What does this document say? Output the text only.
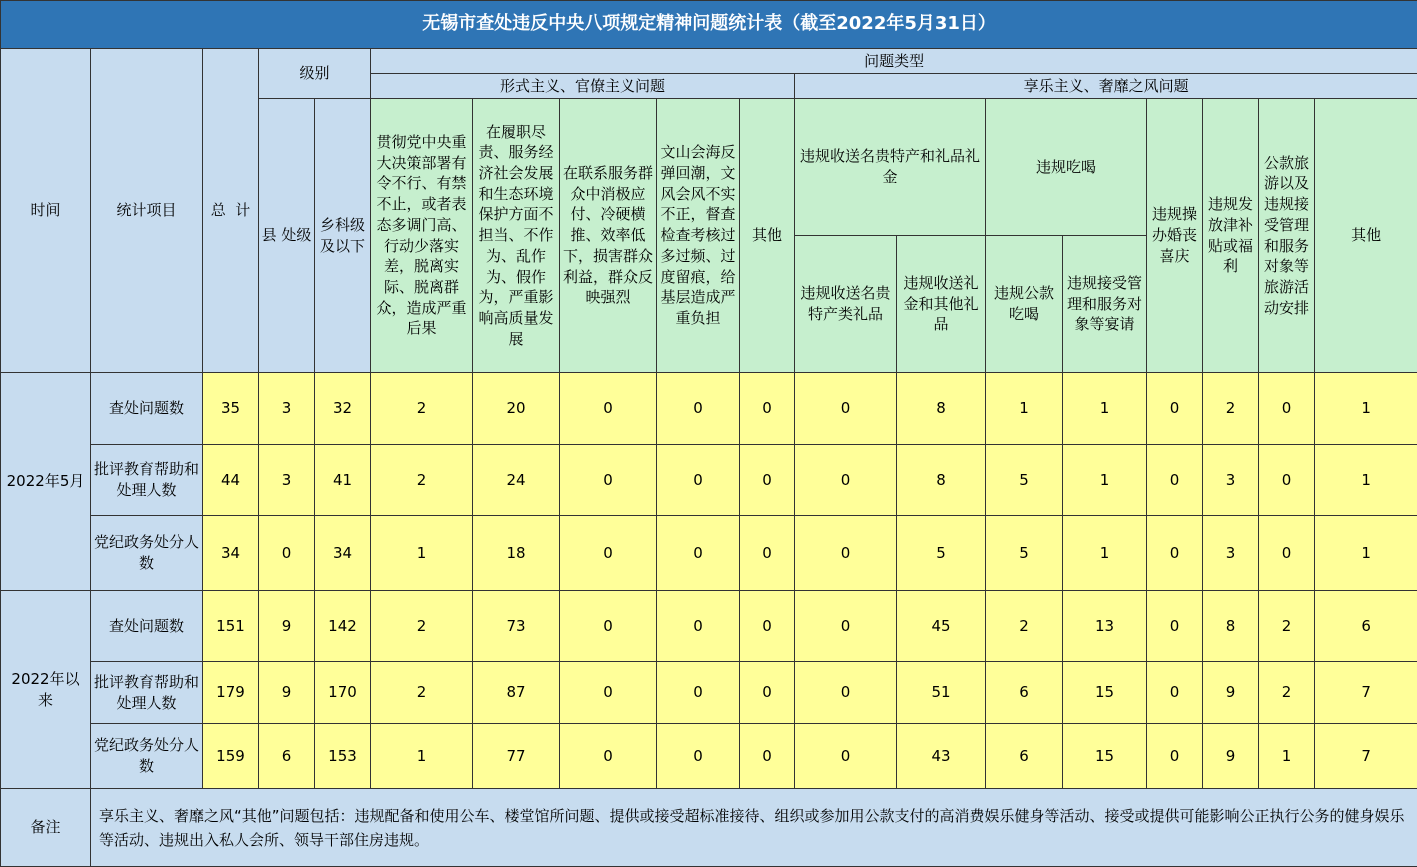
无锡市查处违反中央八项规定精神问题统计表（截至2022年5月31日）																	
时间	统计项目	总  计	级别		问题类型												
					形式主义、官僚主义问题					享乐主义、奢靡之风问题							
			县 处级	乡科级及以下	贯彻党中央重大决策部署有令不行、有禁不止，或者表态多调门高、行动少落实差，脱离实际、脱离群众，造成严重后果	在履职尽责、服务经济社会发展和生态环境保护方面不担当、不作为、乱作为、假作为，严重影响高质量发展	在联系服务群众中消极应付、冷硬横推、效率低下，损害群众利益，群众反映强烈	文山会海反弹回潮，文风会风不实不正，督查检查考核过多过频、过度留痕，给基层造成严重负担	其他	违规收送名贵特产和礼品礼金		违规吃喝		违规操办婚丧喜庆	违规发放津补贴或福利	公款旅游以及违规接受管理和服务对象等旅游活动安排	其他
										违规收送名贵特产类礼品	违规收送礼金和其他礼品	违规公款吃喝	违规接受管理和服务对象等宴请				
2022年5月	查处问题数	35	3	32	2	20	0	0	0	0	8	1	1	0	2	0	1
	批评教育帮助和处理人数	44	3	41	2	24	0	0	0	0	8	5	1	0	3	0	1
	党纪政务处分人数	34	0	34	1	18	0	0	0	0	5	5	1	0	3	0	1
2022年以来	查处问题数	151	9	142	2	73	0	0	0	0	45	2	13	0	8	2	6
	批评教育帮助和处理人数	179	9	170	2	87	0	0	0	0	51	6	15	0	9	2	7
	党纪政务处分人数	159	6	153	1	77	0	0	0	0	43	6	15	0	9	1	7
备注	享乐主义、奢靡之风“其他”问题包括：违规配备和使用公车、楼堂馆所问题、提供或接受超标准接待、组织或参加用公款支付的高消费娱乐健身等活动、接受或提供可能影响公正执行公务的健身娱乐等活动、违规出入私人会所、领导干部住房违规。																
